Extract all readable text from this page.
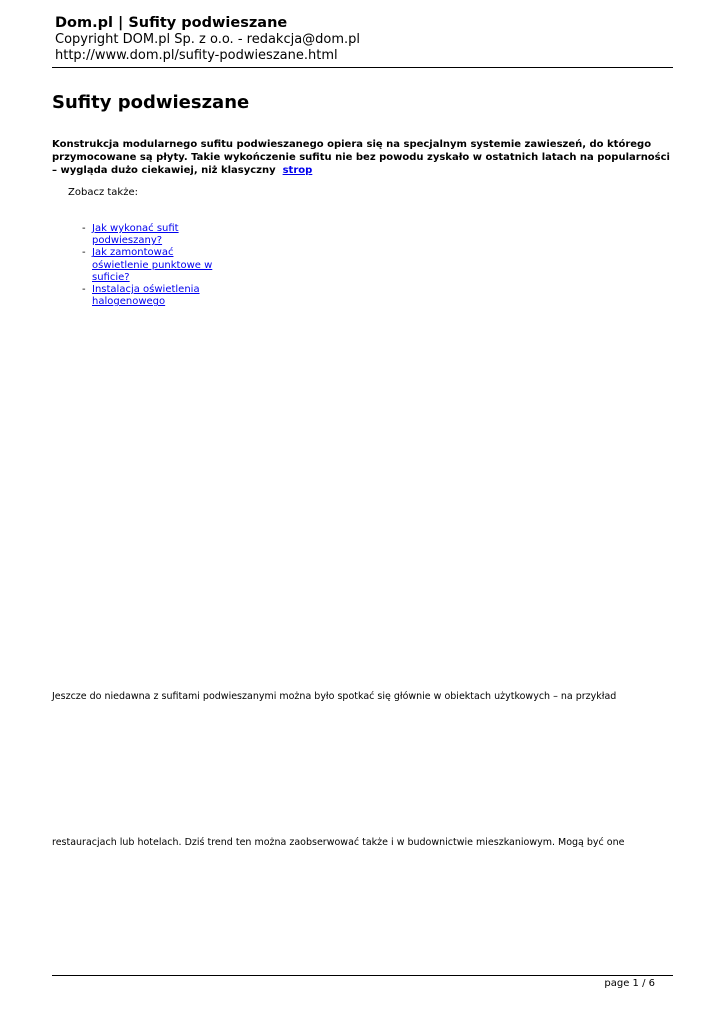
Dom.pl | Sufity podwieszane

Copyright DOM.pl Sp. z o.o. - redakcja@dom.pl

http://www.dom.pl/sufity-podwieszane.html

Sufity podwieszane

Konstrukcja modularnego sufitu podwieszanego opiera się na specjalnym systemie zawieszeń, do którego przymocowane są płyty. Takie wykończenie sufitu nie bez powodu zyskało w ostatnich latach na popularności – wygląda dużo ciekawiej, niż klasyczny strop

Zobacz także:

- Jak wykonać sufit podwieszany?
- Jak zamontować oświetlenie punktowe w suficie?
- Instalacja oświetlenia halogenowego

Jeszcze do niedawna z sufitami podwieszanymi można było spotkać się głównie w obiektach użytkowych – na przykład

restauracjach lub hotelach. Dziś trend ten można zaobserwować także i w budownictwie mieszkaniowym. Mogą być one

page 1 / 6
